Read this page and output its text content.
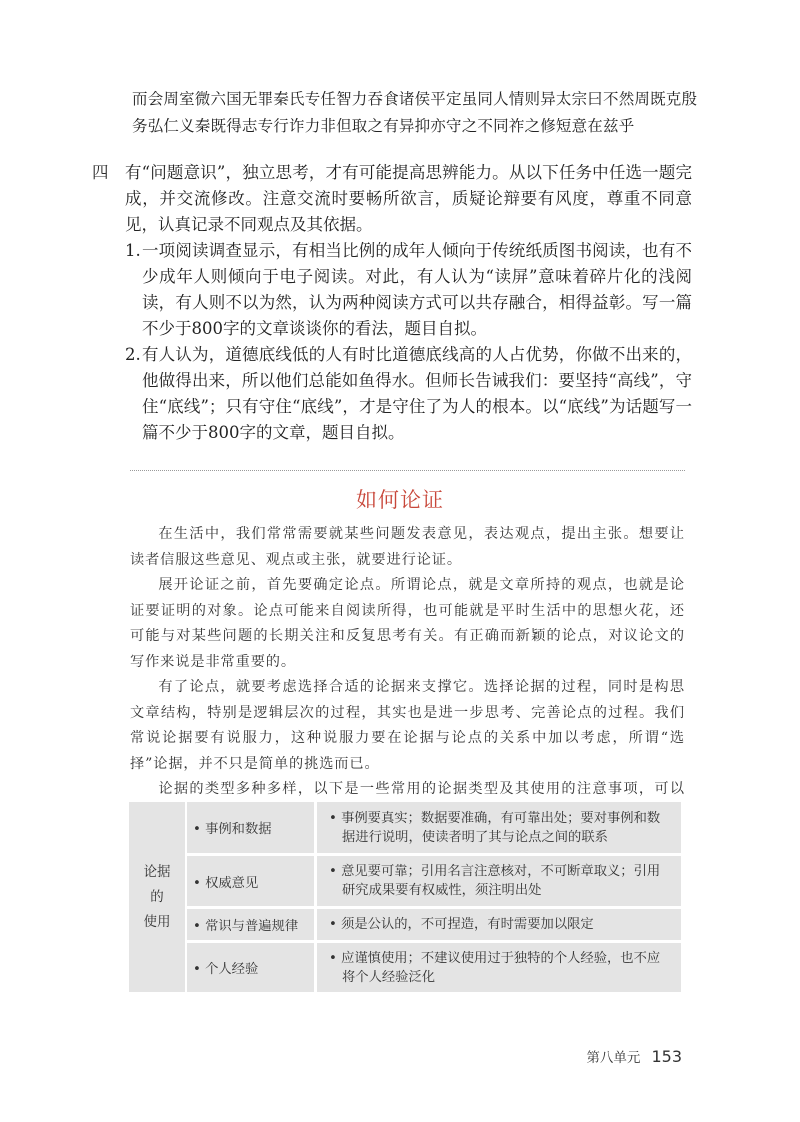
而会周室微六国无罪秦氏专任智力吞食诸侯平定虽同人情则异太宗曰不然周既克殷
务弘仁义秦既得志专行诈力非但取之有异抑亦守之不同祚之修短意在兹乎
四 有“问题意识”，独立思考，才有可能提高思辨能力。从以下任务中任选一题完成，并交流修改。注意交流时要畅所欲言，质疑论辩要有风度，尊重不同意见，认真记录不同观点及其依据。
1. 一项阅读调查显示，有相当比例的成年人倾向于传统纸质图书阅读，也有不少成年人则倾向于电子阅读。对此，有人认为“读屏”意味着碎片化的浅阅读，有人则不以为然，认为两种阅读方式可以共存融合，相得益彰。写一篇不少于800字的文章谈谈你的看法，题目自拟。
2. 有人认为，道德底线低的人有时比道德底线高的人占优势，你做不出来的，他做得出来，所以他们总能如鱼得水。但师长告诫我们：要坚持“高线”，守住“底线”；只有守住“底线”，才是守住了为人的根本。以“底线”为话题写一篇不少于800字的文章，题目自拟。
如何论证

在生活中，我们常常需要就某些问题发表意见，表达观点，提出主张。想要让读者信服这些意见、观点或主张，就要进行论证。

展开论证之前，首先要确定论点。所谓论点，就是文章所持的观点，也就是论证要证明的对象。论点可能来自阅读所得，也可能就是平时生活中的思想火花，还可能与对某些问题的长期关注和反复思考有关。有正确而新颖的论点，对议论文的写作来说是非常重要的。

有了论点，就要考虑选择合适的论据来支撑它。选择论据的过程，同时是构思文章结构，特别是逻辑层次的过程，其实也是进一步思考、完善论点的过程。我们常说论据要有说服力，这种说服力要在论据与论点的关系中加以考虑，所谓“选择”论据，并不只是简单的挑选而已。

论据的类型多种多样，以下是一些常用的论据类型及其使用的注意事项，可以

论据
的
使用
• 事例和数据
• 事例要真实；数据要准确，有可靠出处；要对事例和数据进行说明，使读者明了其与论点之间的联系
• 权威意见
• 意见要可靠；引用名言注意核对，不可断章取义；引用研究成果要有权威性，须注明出处
• 常识与普遍规律	• 须是公认的，不可捏造，有时需要加以限定
• 个人经验
• 应谨慎使用；不建议使用过于独特的个人经验，也不应将个人经验泛化
第八单元 153
